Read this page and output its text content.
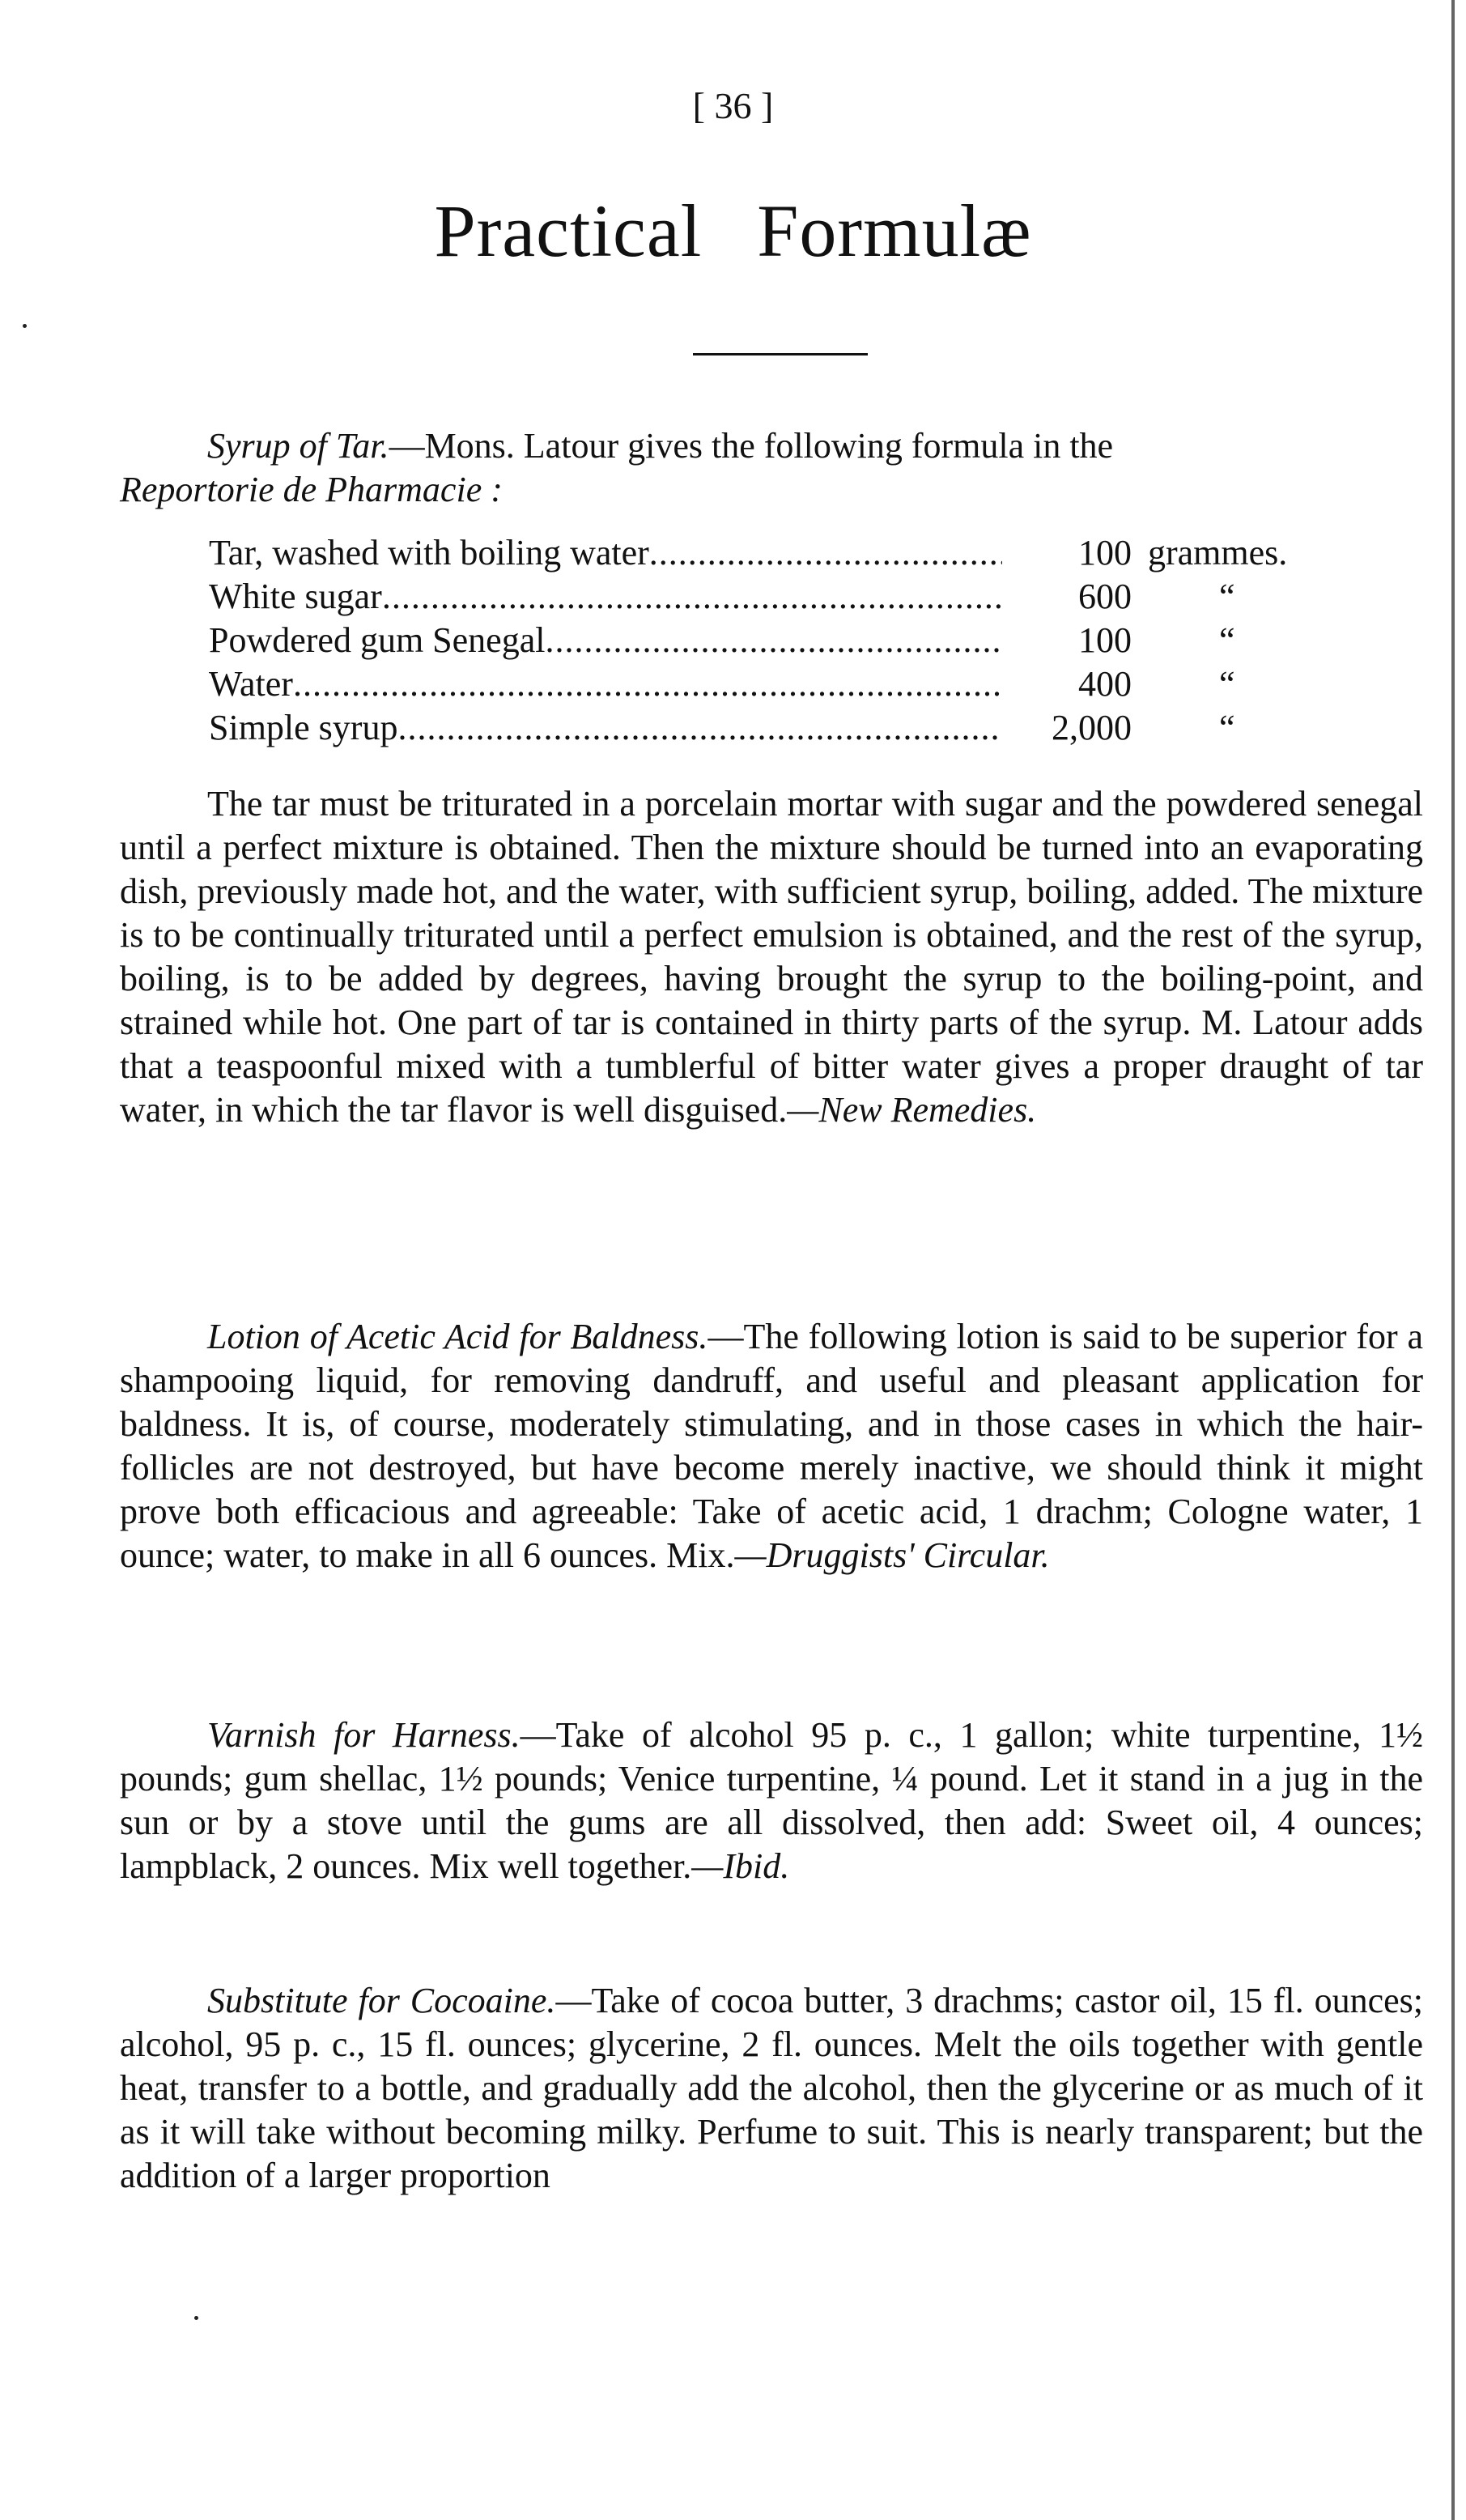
[ 36 ]
Practical Formulæ

Syrup of Tar.—Mons. Latour gives the following formula in the
Reportorie de Pharmacie :

Tar, washed with boiling water .....	100 grammes.
White sugar .....	600	“
Powdered gum Senegal .....	100	“
Water .....	400	“
Simple syrup .....	2,000	“

The tar must be triturated in a porcelain mortar with sugar and the powdered senegal until a perfect mixture is obtained. Then the mixture should be turned into an evaporating dish, previously made hot, and the water, with sufficient syrup, boiling, added. The mixture is to be continually triturated until a perfect emulsion is obtained, and the rest of the syrup, boiling, is to be added by degrees, having brought the syrup to the boiling-point, and strained while hot. One part of tar is contained in thirty parts of the syrup. M. Latour adds that a teaspoonful mixed with a tumblerful of bitter water gives a proper draught of tar water, in which the tar flavor is well disguised.—New Remedies.

Lotion of Acetic Acid for Baldness.—The following lotion is said to be superior for a shampooing liquid, for removing dandruff, and useful and pleasant application for baldness. It is, of course, moderately stimulating, and in those cases in which the hair-follicles are not destroyed, but have become merely inactive, we should think it might prove both efficacious and agreeable: Take of acetic acid, 1 drachm; Cologne water, 1 ounce; water, to make in all 6 ounces. Mix.—Druggists' Circular.

Varnish for Harness.—Take of alcohol 95 p. c., 1 gallon; white turpentine, 1½ pounds; gum shellac, 1½ pounds; Venice turpentine, ¼ pound. Let it stand in a jug in the sun or by a stove until the gums are all dissolved, then add: Sweet oil, 4 ounces; lampblack, 2 ounces. Mix well together.—Ibid.

Substitute for Cocoaine.—Take of cocoa butter, 3 drachms; castor oil, 15 fl. ounces; alcohol, 95 p. c., 15 fl. ounces; glycerine, 2 fl. ounces. Melt the oils together with gentle heat, transfer to a bottle, and gradually add the alcohol, then the glycerine or as much of it as it will take without becoming milky. Perfume to suit. This is nearly transparent; but the addition of a larger proportion
